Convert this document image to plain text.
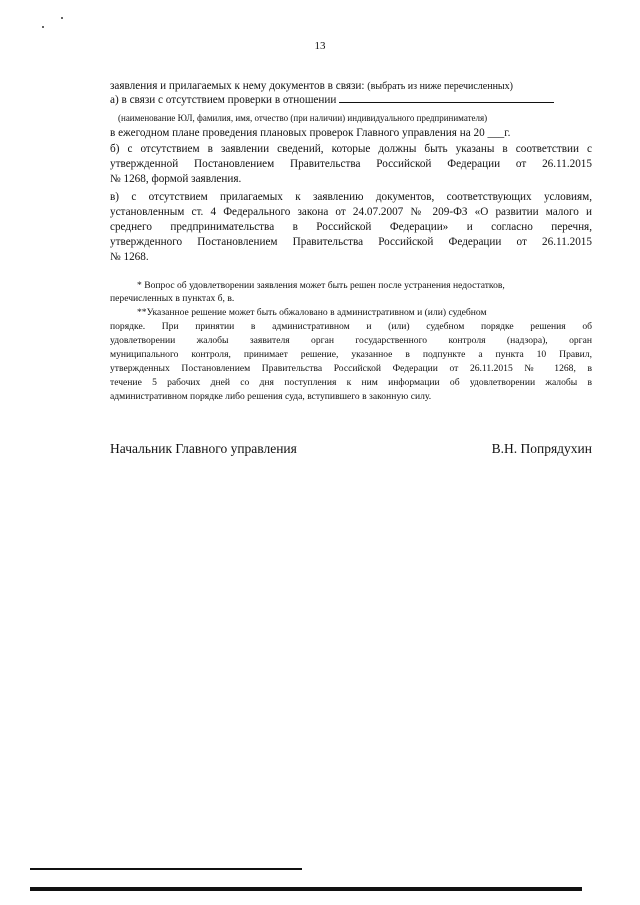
13
заявления и прилагаемых к нему документов в связи: (выбрать из ниже перечисленных)
а) в связи с отсутствием проверки в отношении
(наименование ЮЛ, фамилия, имя, отчество (при наличии) индивидуального предпринимателя)
в ежегодном плане проведения плановых проверок Главного управления на 20 ___г.
б) с отсутствием в заявлении сведений, которые должны быть указаны в соответствии с
утвержденной Постановлением Правительства Российской Федерации от 26.11.2015
№ 1268, формой заявления.
в) с отсутствием прилагаемых к заявлению документов, соответствующих условиям,
установленным ст. 4 Федерального закона от 24.07.2007 № 209-ФЗ «О развитии малого и
среднего предпринимательства в Российской Федерации» и согласно перечня,
утвержденного Постановлением Правительства Российской Федерации от 26.11.2015
№ 1268.
* Вопрос об удовлетворении заявления может быть решен после устранения недостатков,
перечисленных в пунктах б, в.
**Указанное решение может быть обжаловано в административном и (или) судебном
порядке. При принятии в административном и (или) судебном порядке решения об
удовлетворении жалобы заявителя орган государственного контроля (надзора), орган
муниципального контроля, принимает решение, указанное в подпункте а пункта 10 Правил,
утвержденных Постановлением Правительства Российской Федерации от 26.11.2015 № 1268, в
течение 5 рабочих дней со дня поступления к ним информации об удовлетворении жалобы в
административном порядке либо решения суда, вступившего в законную силу.
Начальник Главного управления	В.Н. Попрядухин
